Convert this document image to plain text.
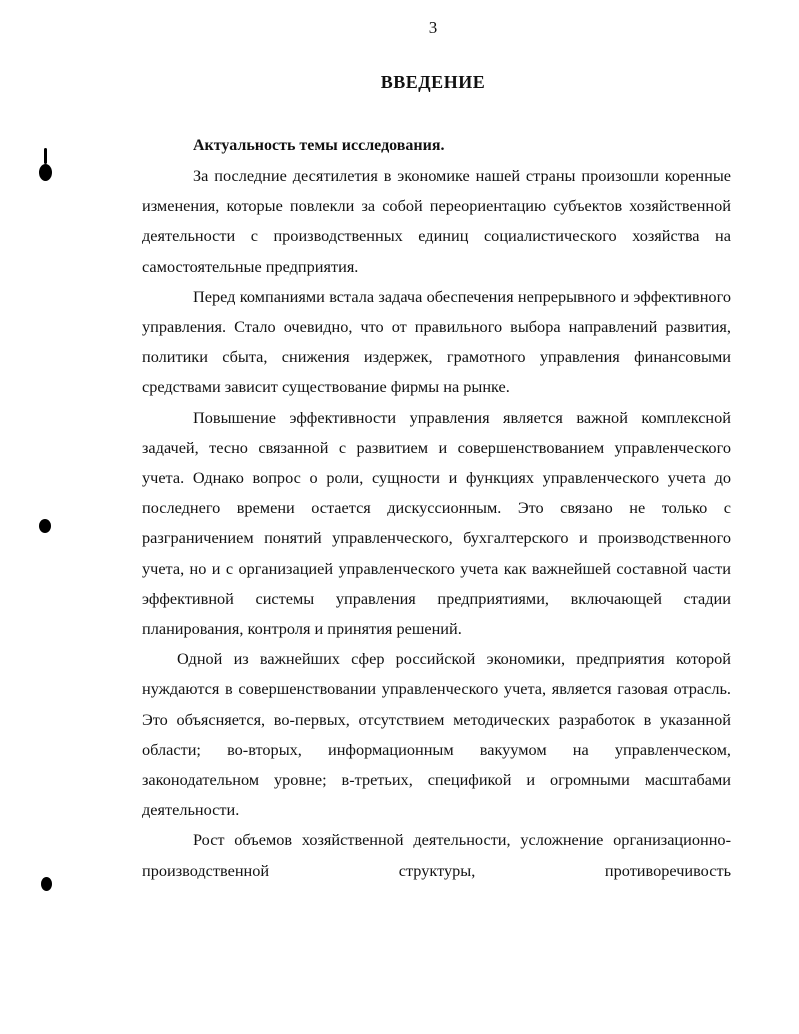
3
ВВЕДЕНИЕ
Актуальность темы исследования.

За последние десятилетия в экономике нашей страны произошли коренные изменения, которые повлекли за собой переориентацию субъектов хозяйственной деятельности с производственных единиц социалистического хозяйства на самостоятельные предприятия.

Перед компаниями встала задача обеспечения непрерывного и эффективного управления. Стало очевидно, что от правильного выбора направлений развития, политики сбыта, снижения издержек, грамотного управления финансовыми средствами зависит существование фирмы на рынке.

Повышение эффективности управления является важной комплексной задачей, тесно связанной с развитием и совершенствованием управленческого учета. Однако вопрос о роли, сущности и функциях управленческого учета до последнего времени остается дискуссионным. Это связано не только с разграничением понятий управленческого, бухгалтерского и производственного учета, но и с организацией управленческого учета как важнейшей составной части эффективной системы управления предприятиями, включающей стадии планирования, контроля и принятия решений.

Одной из важнейших сфер российской экономики, предприятия которой нуждаются в совершенствовании управленческого учета, является газовая отрасль. Это объясняется, во-первых, отсутствием методических разработок в указанной области; во-вторых, информационным вакуумом на управленческом, законодательном уровне; в-третьих, спецификой и огромными масштабами деятельности.

Рост объемов хозяйственной деятельности, усложнение организационно-производственной структуры, противоречивость
